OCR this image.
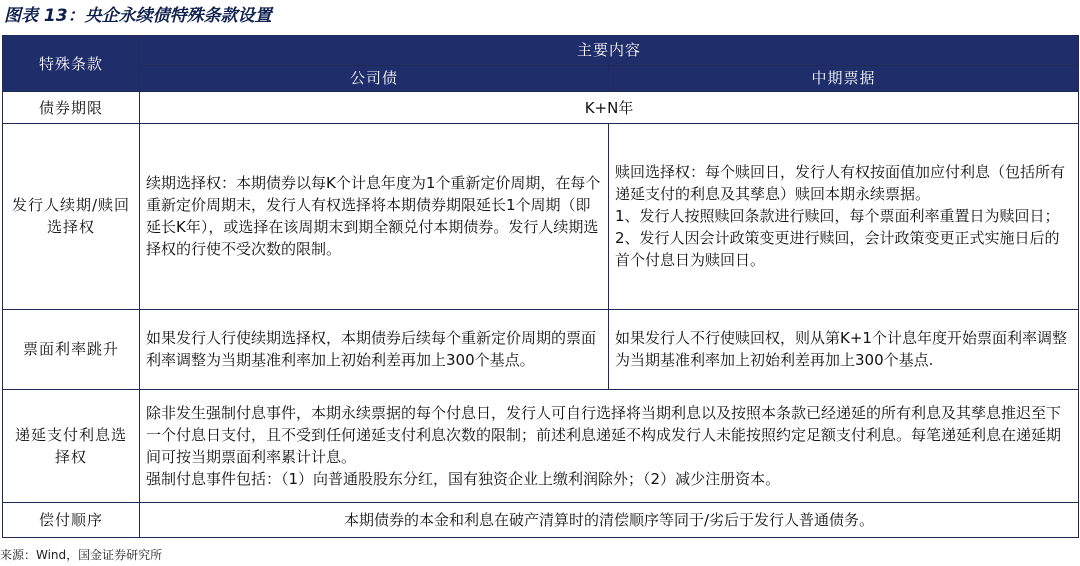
图表 13：央企永续债特殊条款设置
特殊条款	主要内容	
	公司债	中期票据
债券期限	K+N年	
发行人续期/赎回选择权	续期选择权：本期债券以每K个计息年度为1个重新定价周期，在每个重新定价周期末，发行人有权选择将本期债券期限延长1个周期（即延长K年），或选择在该周期末到期全额兑付本期债券。发行人续期选择权的行使不受次数的限制。	赎回选择权：每个赎回日，发行人有权按面值加应付利息（包括所有递延支付的利息及其孳息）赎回本期永续票据。
1、发行人按照赎回条款进行赎回，每个票面利率重置日为赎回日；
2、发行人因会计政策变更进行赎回，会计政策变更正式实施日后的首个付息日为赎回日。

票面利率跳升	如果发行人行使续期选择权，本期债券后续每个重新定价周期的票面利率调整为当期基准利率加上初始利差再加上300个基点。	如果发行人不行使赎回权，则从第K+1个计息年度开始票面利率调整为当期基准利率加上初始利差再加上300个基点.
递延支付利息选择权	除非发生强制付息事件，本期永续票据的每个付息日，发行人可自行选择将当期利息以及按照本条款已经递延的所有利息及其孳息推迟至下一个付息日支付，且不受到任何递延支付利息次数的限制；前述利息递延不构成发行人未能按照约定足额支付利息。每笔递延利息在递延期间可按当期票面利率累计计息。
强制付息事件包括：（1）向普通股股东分红，国有独资企业上缴利润除外；（2）减少注册资本。	

偿付顺序	本期债券的本金和利息在破产清算时的清偿顺序等同于/劣后于发行人普通债务。	
来源：Wind，国金证券研究所
